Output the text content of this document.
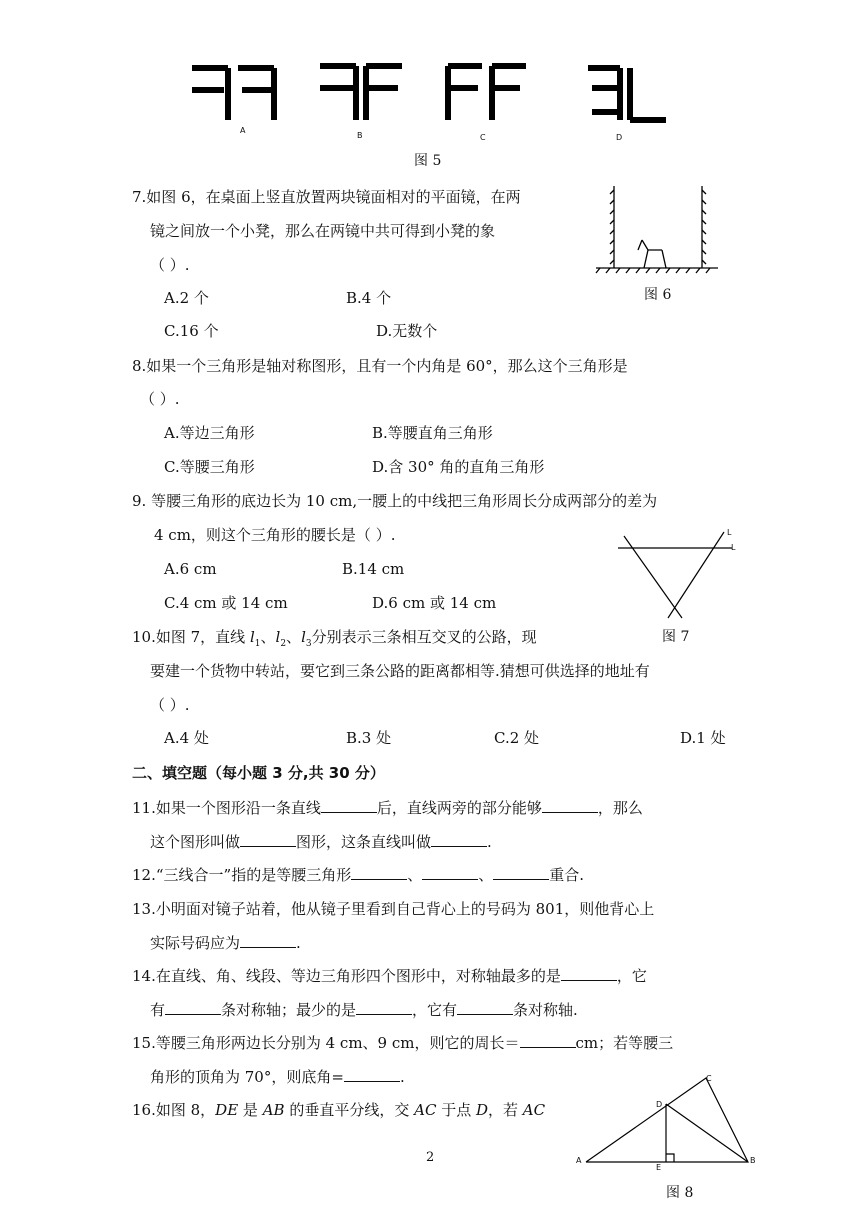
A
B	C	D
图 5
7.如图 6，在桌面上竖直放置两块镜面相对的平面镜，在两
镜之间放一个小凳，那么在两镜中共可得到小凳的象
（ ）.
A.2 个	B.4 个
C.16 个	D.无数个
图 6
8.如果一个三角形是轴对称图形，且有一个内角是 60°，那么这个三角形是
（ ）.
A.等边三角形	B.等腰直角三角形
C.等腰三角形	D.含 30° 角的直角三角形
9. 等腰三角形的底边长为 10 cm,一腰上的中线把三角形周长分成两部分的差为
4 cm，则这个三角形的腰长是（ ）.
A.6 cm	B.14 cm
C.4 cm 或 14 cm	D.6 cm 或 14 cm
L
L
图 7
10.如图 7，直线 $l_1$、$l_2$、$l_3$分别表示三条相互交叉的公路，现
要建一个货物中转站，要它到三条公路的距离都相等.猜想可供选择的地址有
（ ）.
A.4 处	B.3 处	C.2 处	D.1 处
二、填空题（每小题 3 分,共 30 分）
11.如果一个图形沿一条直线	后，直线两旁的部分能够	，那么
这个图形叫做	图形，这条直线叫做	.
12.“三线合一”指的是等腰三角形	、	、	重合.
13.小明面对镜子站着，他从镜子里看到自己背心上的号码为 801，则他背心上
实际号码应为	.
14.在直线、角、线段、等边三角形四个图形中，对称轴最多的是	，它
有	条对称轴；最少的是	，它有	条对称轴.
15.等腰三角形两边长分别为 4 cm、9 cm，则它的周长＝	cm；若等腰三
角形的顶角为 70°，则底角=	.
16.如图 8，DE 是 AB 的垂直平分线，交 AC 于点 D，若 AC
A	B
C
D
E
图 8
2
